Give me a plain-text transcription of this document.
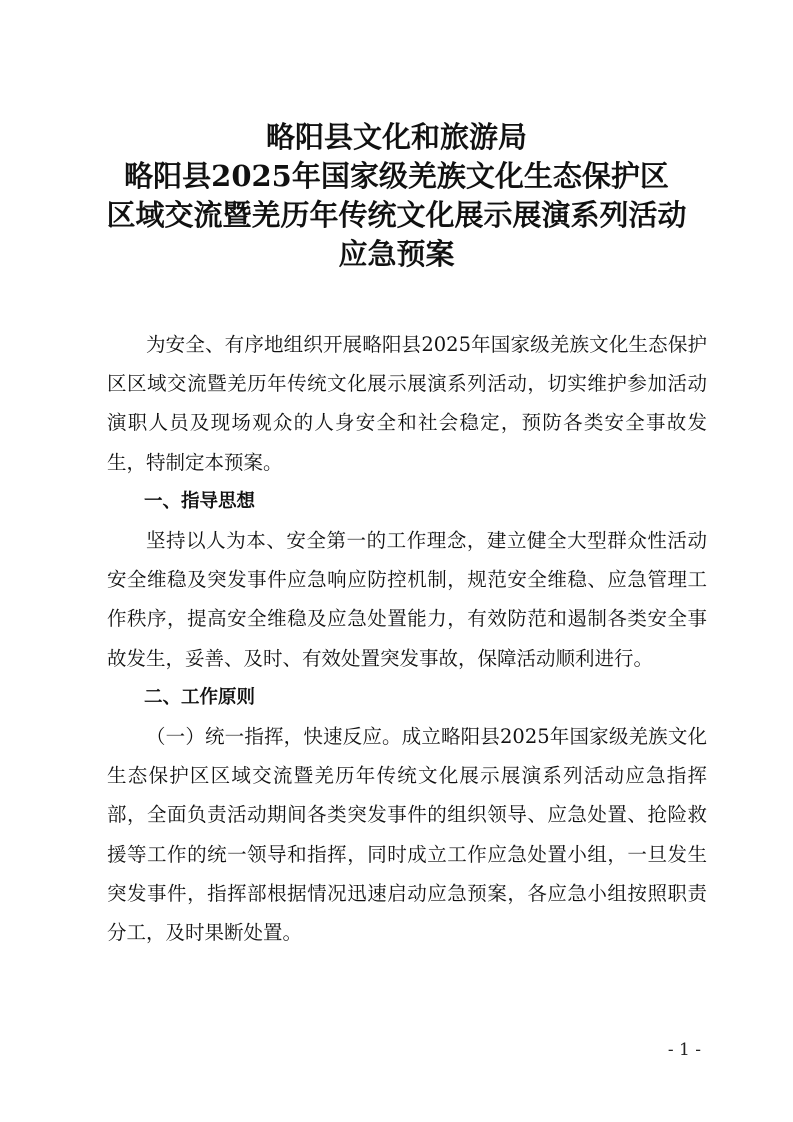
略阳县文化和旅游局
略阳县2025年国家级羌族文化生态保护区
区域交流暨羌历年传统文化展示展演系列活动
应急预案

为安全、有序地组织开展略阳县2025年国家级羌族文化生态保护区区域交流暨羌历年传统文化展示展演系列活动，切实维护参加活动演职人员及现场观众的人身安全和社会稳定，预防各类安全事故发生，特制定本预案。

一、指导思想

坚持以人为本、安全第一的工作理念，建立健全大型群众性活动安全维稳及突发事件应急响应防控机制，规范安全维稳、应急管理工作秩序，提高安全维稳及应急处置能力，有效防范和遏制各类安全事故发生，妥善、及时、有效处置突发事故，保障活动顺利进行。

二、工作原则

（一）统一指挥，快速反应。成立略阳县2025年国家级羌族文化生态保护区区域交流暨羌历年传统文化展示展演系列活动应急指挥部，全面负责活动期间各类突发事件的组织领导、应急处置、抢险救援等工作的统一领导和指挥，同时成立工作应急处置小组，一旦发生突发事件，指挥部根据情况迅速启动应急预案，各应急小组按照职责分工，及时果断处置。

- 1 -
